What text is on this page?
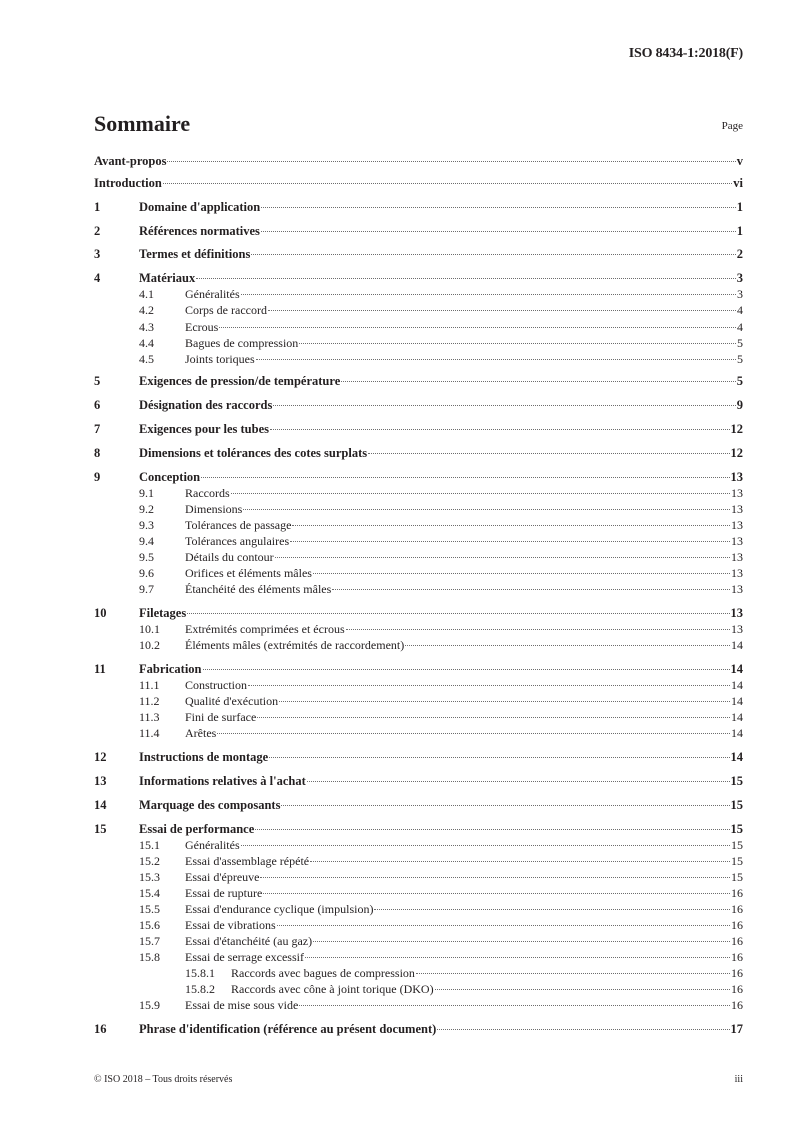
ISO 8434-1:2018(F)
Sommaire	Page
Avant-propos	v
Introduction	vi
1	Domaine d'application	1
2	Références normatives	1
3	Termes et définitions	2
4	Matériaux	3
4.1	Généralités	3
4.2	Corps de raccord	4
4.3	Ecrous	4
4.4	Bagues de compression	5
4.5	Joints toriques	5
5	Exigences de pression/de température	5
6	Désignation des raccords	9
7	Exigences pour les tubes	12
8	Dimensions et tolérances des cotes surplats	12
9	Conception	13
9.1	Raccords	13
9.2	Dimensions	13
9.3	Tolérances de passage	13
9.4	Tolérances angulaires	13
9.5	Détails du contour	13
9.6	Orifices et éléments mâles	13
9.7	Étanchéité des éléments mâles	13
10	Filetages	13
10.1	Extrémités comprimées et écrous	13
10.2	Éléments mâles (extrémités de raccordement)	14
11	Fabrication	14
11.1	Construction	14
11.2	Qualité d'exécution	14
11.3	Fini de surface	14
11.4	Arêtes	14
12	Instructions de montage	14
13	Informations relatives à l'achat	15
14	Marquage des composants	15
15	Essai de performance	15
15.1	Généralités	15
15.2	Essai d'assemblage répété	15
15.3	Essai d'épreuve	15
15.4	Essai de rupture	16
15.5	Essai d'endurance cyclique (impulsion)	16
15.6	Essai de vibrations	16
15.7	Essai d'étanchéité (au gaz)	16
15.8	Essai de serrage excessif	16
15.8.1	Raccords avec bagues de compression	16
15.8.2	Raccords avec cône à joint torique (DKO)	16
15.9	Essai de mise sous vide	16
16	Phrase d'identification (référence au présent document)	17
© ISO 2018 – Tous droits réservés	iii
